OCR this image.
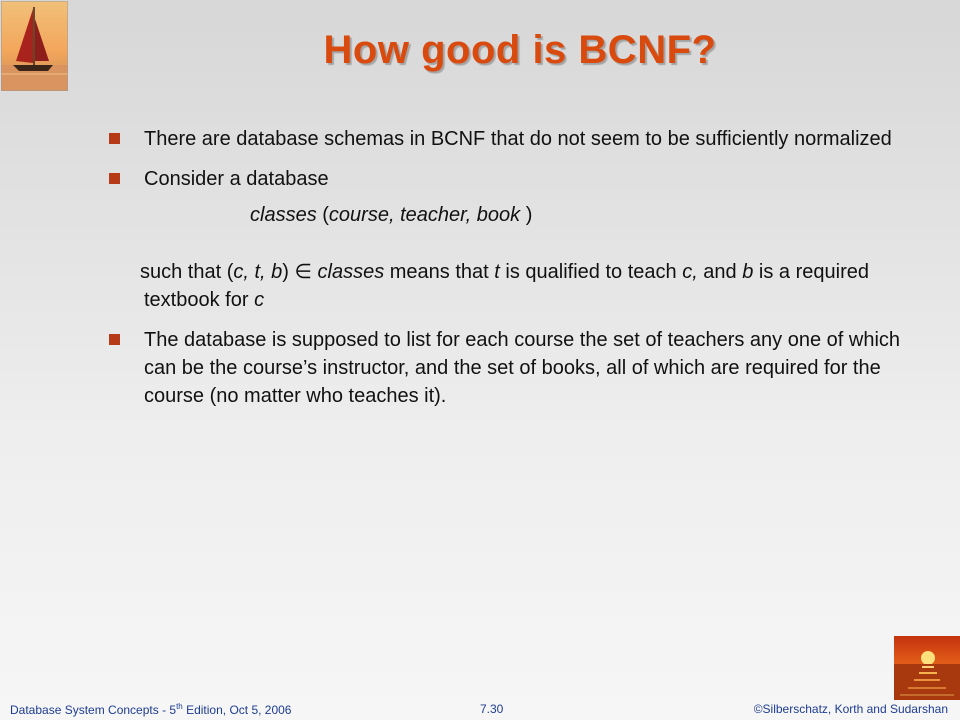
How good is BCNF?
There are database schemas in BCNF that do not seem to be sufficiently normalized
Consider a database
classes (course, teacher, book )
such that (c, t, b) ∈ classes means that t is qualified to teach c, and b is a required textbook for c
The database is supposed to list for each course the set of teachers any one of which can be the course’s instructor, and the set of books, all of which are required for the course (no matter who teaches it).
Database System Concepts - 5th Edition, Oct 5, 2006	7.30	©Silberschatz, Korth and Sudarshan
